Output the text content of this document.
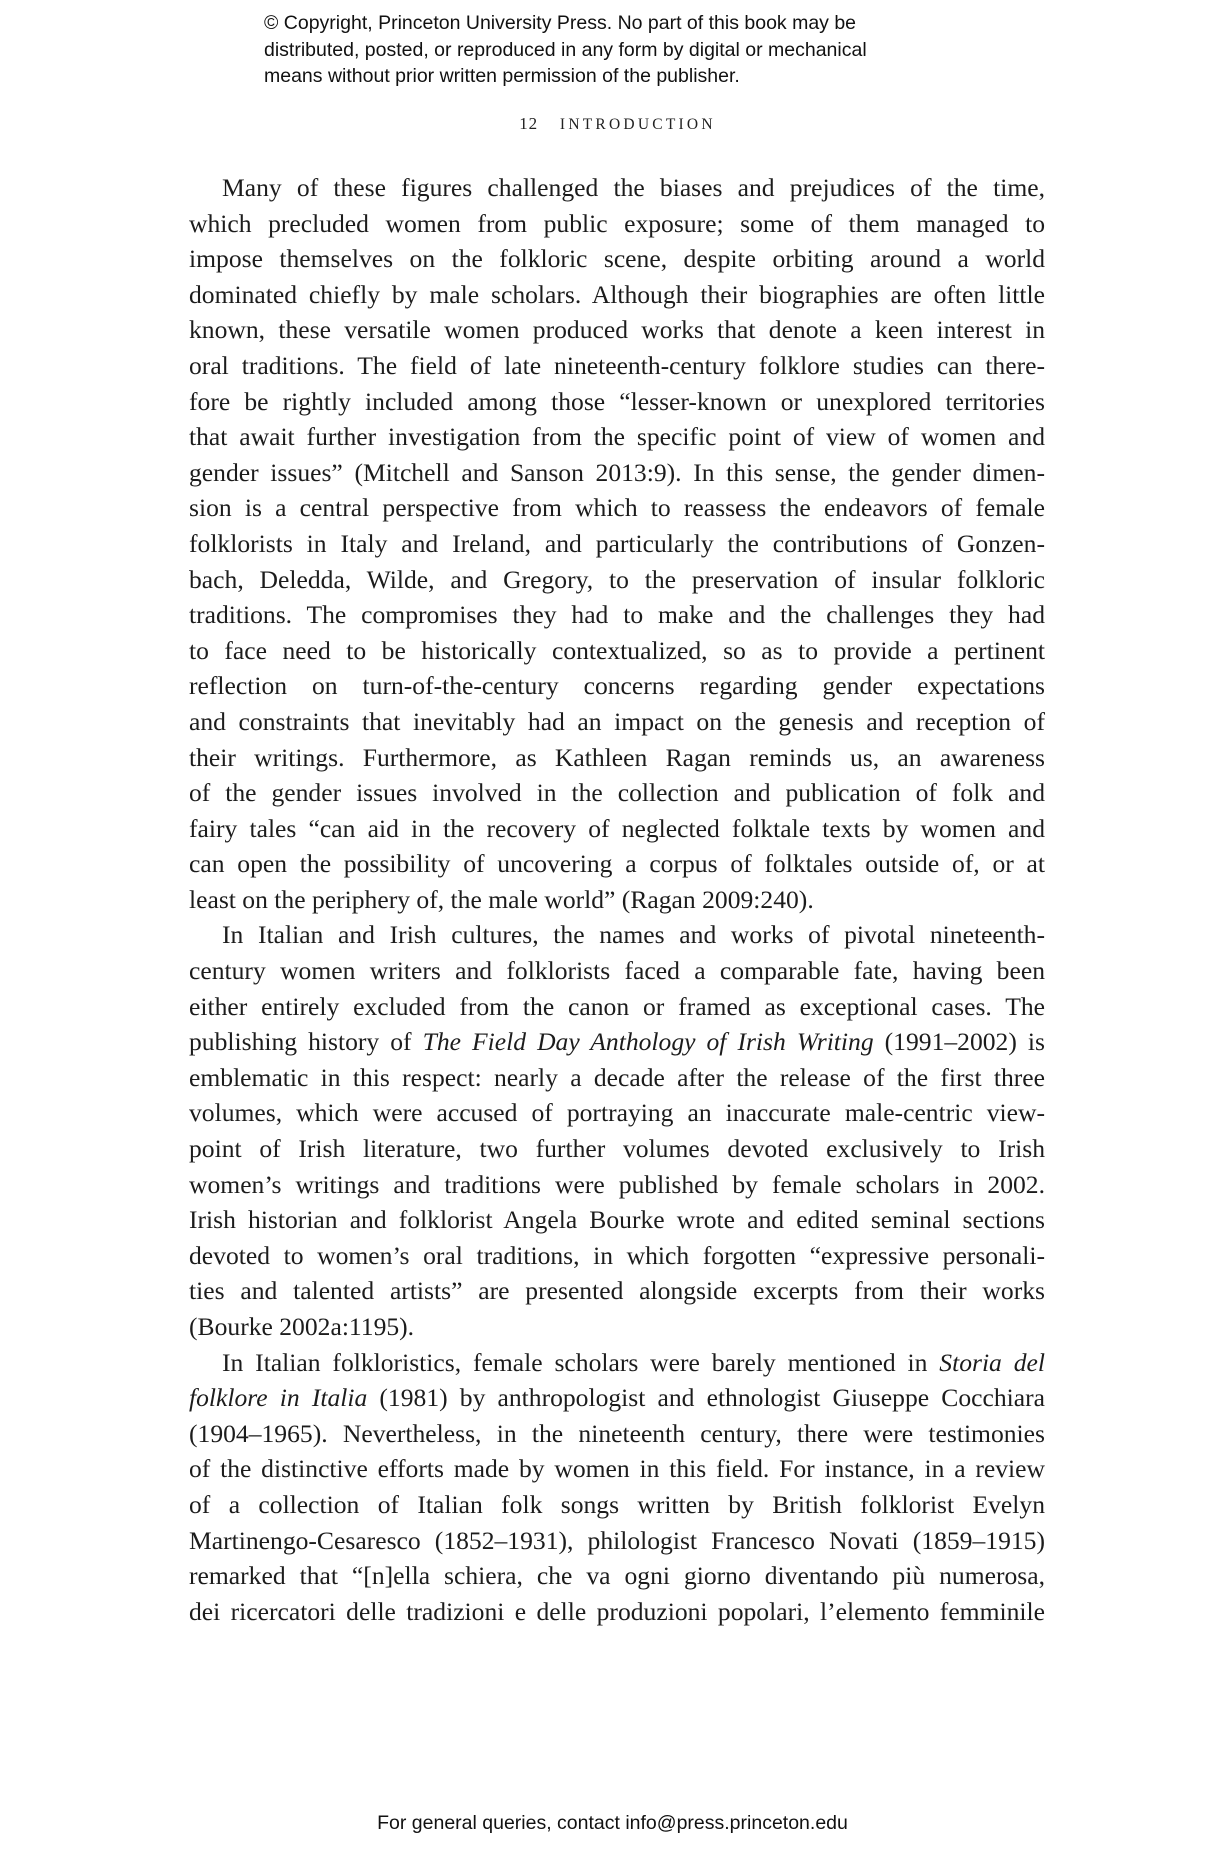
© Copyright, Princeton University Press. No part of this book may be
distributed, posted, or reproduced in any form by digital or mechanical
means without prior written permission of the publisher.
12 INTRODUCTION
Many of these figures challenged the biases and prejudices of the time,
which precluded women from public exposure; some of them managed to
impose themselves on the folkloric scene, despite orbiting around a world
dominated chiefly by male scholars. Although their biographies are often little
known, these versatile women produced works that denote a keen interest in
oral traditions. The field of late nineteenth-century folklore studies can there-
fore be rightly included among those “lesser-known or unexplored territories
that await further investigation from the specific point of view of women and
gender issues” (Mitchell and Sanson 2013:9). In this sense, the gender dimen-
sion is a central perspective from which to reassess the endeavors of female
folklorists in Italy and Ireland, and particularly the contributions of Gonzen-
bach, Deledda, Wilde, and Gregory, to the preservation of insular folkloric
traditions. The compromises they had to make and the challenges they had
to face need to be historically contextualized, so as to provide a pertinent
reflection on turn-of-the-century concerns regarding gender expectations
and constraints that inevitably had an impact on the genesis and reception of
their writings. Furthermore, as Kathleen Ragan reminds us, an awareness
of the gender issues involved in the collection and publication of folk and
fairy tales “can aid in the recovery of neglected folktale texts by women and
can open the possibility of uncovering a corpus of folktales outside of, or at
least on the periphery of, the male world” (Ragan 2009:240).
In Italian and Irish cultures, the names and works of pivotal nineteenth-
century women writers and folklorists faced a comparable fate, having been
either entirely excluded from the canon or framed as exceptional cases. The
publishing history of The Field Day Anthology of Irish Writing (1991–2002) is
emblematic in this respect: nearly a decade after the release of the first three
volumes, which were accused of portraying an inaccurate male-centric view-
point of Irish literature, two further volumes devoted exclusively to Irish
women’s writings and traditions were published by female scholars in 2002.
Irish historian and folklorist Angela Bourke wrote and edited seminal sections
devoted to women’s oral traditions, in which forgotten “expressive personali-
ties and talented artists” are presented alongside excerpts from their works
(Bourke 2002a:1195).
In Italian folkloristics, female scholars were barely mentioned in Storia del
folklore in Italia (1981) by anthropologist and ethnologist Giuseppe Cocchiara
(1904–1965). Nevertheless, in the nineteenth century, there were testimonies
of the distinctive efforts made by women in this field. For instance, in a review
of a collection of Italian folk songs written by British folklorist Evelyn
Martinengo-Cesaresco (1852–1931), philologist Francesco Novati (1859–1915)
remarked that “[n]ella schiera, che va ogni giorno diventando più numerosa,
dei ricercatori delle tradizioni e delle produzioni popolari, l’elemento femminile
For general queries, contact info@press.princeton.edu
